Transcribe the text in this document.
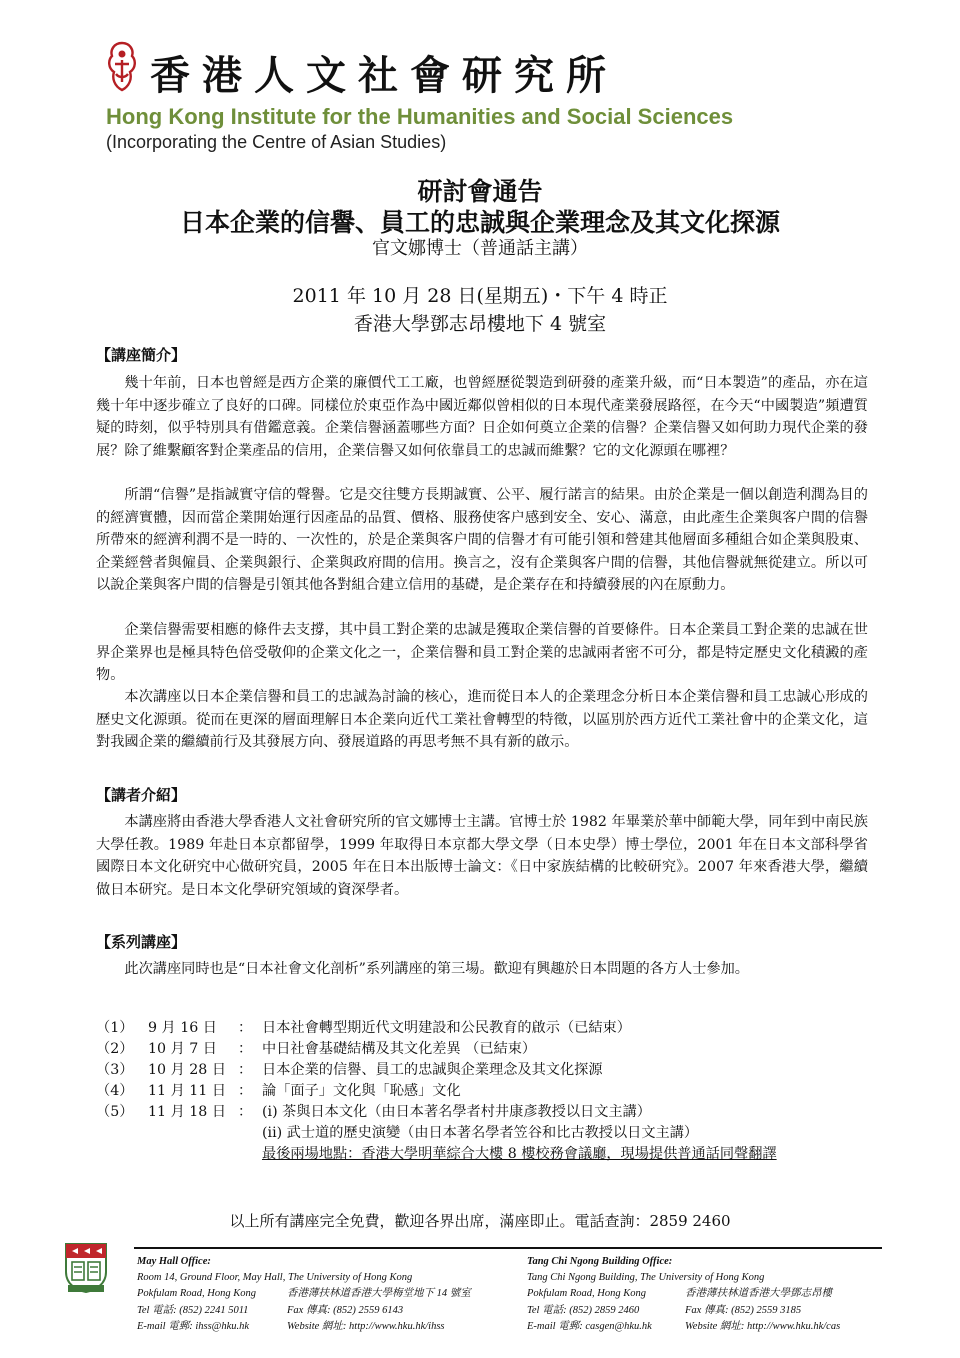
香港人文社會研究所
Hong Kong Institute for the Humanities and Social Sciences
(Incorporating the Centre of Asian Studies)
研討會通告
日本企業的信譽、員工的忠誠與企業理念及其文化探源
官文娜博士（普通話主講）
2011 年 10 月 28 日(星期五)・下午 4 時正
香港大學鄧志昂樓地下 4 號室
【講座簡介】

幾十年前，日本也曾經是西方企業的廉價代工工廠，也曾經歷從製造到研發的產業升級，而“日本製造”的產品，亦在這幾十年中逐步確立了良好的口碑。同樣位於東亞作為中國近鄰似曾相似的日本現代產業發展路徑，在今天“中國製造”頻遭質疑的時刻，似乎特別具有借鑑意義。企業信譽涵蓋哪些方面？日企如何奠立企業的信譽？企業信譽又如何助力現代企業的發展？除了維繫顧客對企業產品的信用，企業信譽又如何依靠員工的忠誠而維繫？它的文化源頭在哪裡？

所謂“信譽”是指誠實守信的聲譽。它是交往雙方長期誠實、公平、履行諾言的結果。由於企業是一個以創造利潤為目的的經濟實體，因而當企業開始運行因產品的品質、價格、服務使客户感到安全、安心、滿意，由此產生企業與客户間的信譽所帶來的經濟利潤不是一時的、一次性的，於是企業與客户間的信譽才有可能引領和營建其他層面多種組合如企業與股東、企業經營者與僱員、企業與銀行、企業與政府間的信用。換言之，沒有企業與客户間的信譽，其他信譽就無從建立。所以可以說企業與客户間的信譽是引領其他各對組合建立信用的基礎，是企業存在和持續發展的內在原動力。

企業信譽需要相應的條件去支撐，其中員工對企業的忠誠是獲取企業信譽的首要條件。日本企業員工對企業的忠誠在世界企業界也是極具特色倍受敬仰的企業文化之一，企業信譽和員工對企業的忠誠兩者密不可分，都是特定歷史文化積澱的產物。

本次講座以日本企業信譽和員工的忠誠為討論的核心，進而從日本人的企業理念分析日本企業信譽和員工忠誠心形成的歷史文化源頭。從而在更深的層面理解日本企業向近代工業社會轉型的特徵，以區別於西方近代工業社會中的企業文化，這對我國企業的繼續前行及其發展方向、發展道路的再思考無不具有新的啟示。

【講者介紹】

本講座將由香港大學香港人文社會研究所的官文娜博士主講。官博士於 1982 年畢業於華中師範大學，同年到中南民族大學任教。1989 年赴日本京都留學，1999 年取得日本京都大學文學（日本史學）博士學位，2001 年在日本文部科學省國際日本文化研究中心做研究員，2005 年在日本出版博士論文：《日中家族結構的比較研究》。2007 年來香港大學，繼續做日本研究。是日本文化學研究領域的資深學者。

【系列講座】

此次講座同時也是“日本社會文化剖析”系列講座的第三場。歡迎有興趣於日本問題的各方人士參加。

（1）	9 月 16 日	： 日本社會轉型期近代文明建設和公民教育的啟示（已結束）
（2）	10 月 7 日	： 中日社會基礎結構及其文化差異 （已結束）
（3）	10 月 28 日 ： 日本企業的信譽、員工的忠誠與企業理念及其文化探源
（4）	11 月 11 日 ： 論「面子」文化與「恥感」文化
（5）	11 月 18 日 ： (i) 茶與日本文化（由日本著名學者村井康彥教授以日文主講）
(ii) 武士道的歷史演變（由日本著名學者笠谷和比古教授以日文主講）
最後兩場地點：香港大學明華綜合大樓 8 樓校務會議廳，現場提供普通話同聲翻譯
以上所有講座完全免費，歡迎各界出席，滿座即止。電話查詢：2859 2460
May Hall Office:
Room 14, Ground Floor, May Hall, The University of Hong Kong
Pokfulam Road, Hong Kong	香港薄扶林道香港大學梅堂地下 14 號室
Tel 電話: (852) 2241 5011	Fax 傳真: (852) 2559 6143
E-mail 電郵: ihss@hku.hk	Website 網址: http://www.hku.hk/ihss
Tang Chi Ngong Building Office:
Tang Chi Ngong Building, The University of Hong Kong
Pokfulam Road, Hong Kong	香港薄扶林道香港大學鄧志昂樓
Tel 電話: (852) 2859 2460	Fax 傳真: (852) 2559 3185
E-mail 電郵: casgen@hku.hk	Website 網址: http://www.hku.hk/cas
